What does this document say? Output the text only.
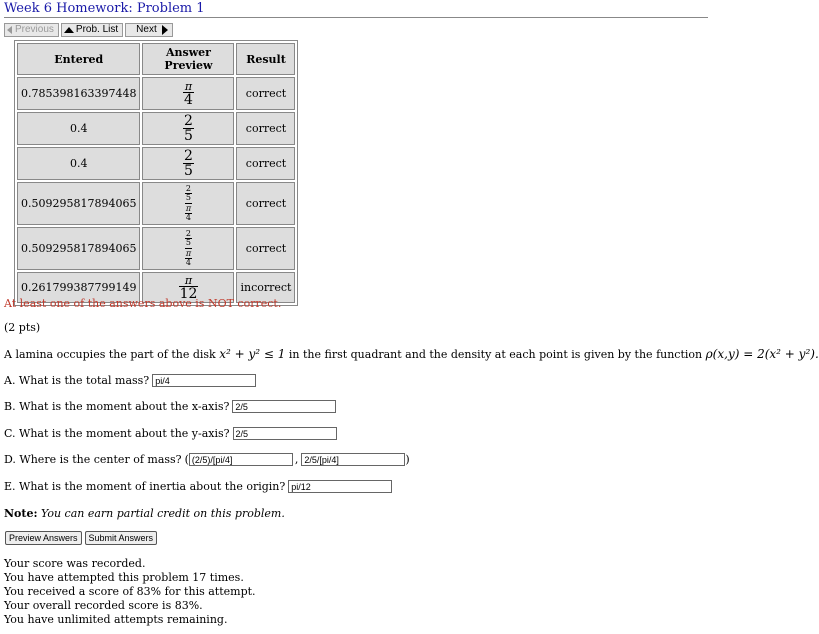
Week 6 Homework: Problem 1
Previous Prob. List Next
Entered	Answer Preview	Result
0.785398163397448	$\frac{\pi}{4}$	correct
0.4	$\frac{2}{5}$	correct
0.4	$\frac{2}{5}$	correct
0.509295817894065	$\frac{\frac{2}{5}}{\frac{\pi}{4}}$	correct
0.509295817894065	$\frac{\frac{2}{5}}{\frac{\pi}{4}}$	correct
0.261799387799149	$\frac{\pi}{12}$	incorrect
At least one of the answers above is NOT correct.
(2 pts)
A lamina occupies the part of the disk x² + y² ≤ 1 in the first quadrant and the density at each point is given by the function ρ(x,y) = 2(x² + y²).
A. What is the total mass?
pi/4
B. What is the moment about the x-axis?
2/5
C. What is the moment about the y-axis?
2/5
D. Where is the center of mass? (
(2/5)/[pi/4]	,
2/5/[pi/4]	)
E. What is the moment of inertia about the origin?
pi/12
Note: You can earn partial credit on this problem.
Preview Answers	Submit Answers
Your score was recorded.
You have attempted this problem 17 times.
You received a score of 83% for this attempt.
Your overall recorded score is 83%.
You have unlimited attempts remaining.
